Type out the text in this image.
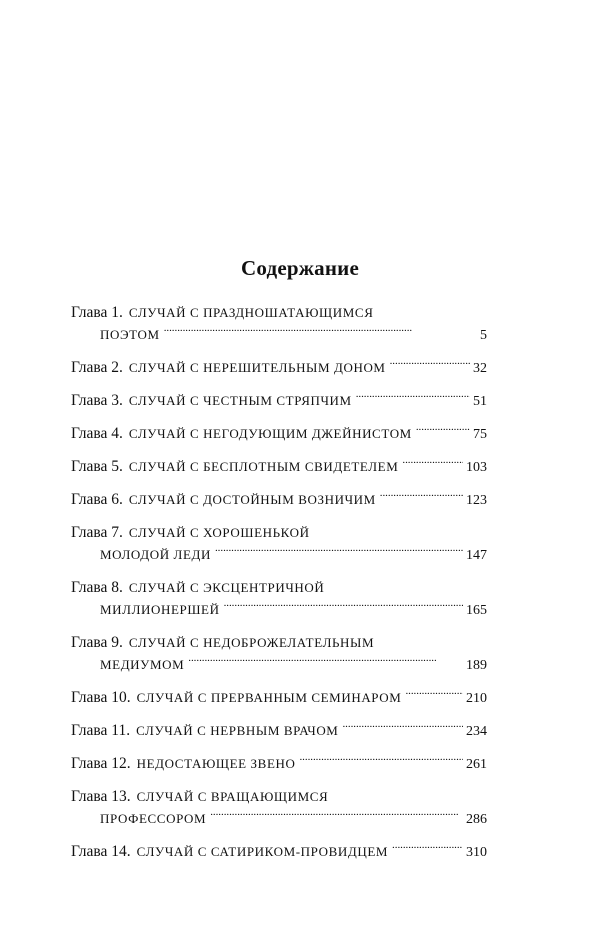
Содержание
Глава 1. СЛУЧАЙ С ПРАЗДНОШАТАЮЩИМСЯ
ПОЭТОМ . . .	5
Глава 2. СЛУЧАЙ С НЕРЕШИТЕЛЬНЫМ ДОНОМ . . .	32
Глава 3. СЛУЧАЙ С ЧЕСТНЫМ СТРЯПЧИМ . . .	51
Глава 4. СЛУЧАЙ С НЕГОДУЮЩИМ ДЖЕЙНИСТОМ . . .	75
Глава 5. СЛУЧАЙ С БЕСПЛОТНЫМ СВИДЕТЕЛЕМ . . .	103
Глава 6. СЛУЧАЙ С ДОСТОЙНЫМ ВОЗНИЧИМ . . .	123
Глава 7. СЛУЧАЙ С ХОРОШЕНЬКОЙ
МОЛОДОЙ ЛЕДИ . . .	147
Глава 8. СЛУЧАЙ С ЭКСЦЕНТРИЧНОЙ
МИЛЛИОНЕРШЕЙ . . .	165
Глава 9. СЛУЧАЙ С НЕДОБРОЖЕЛАТЕЛЬНЫМ
МЕДИУМОМ . . .	189
Глава 10. СЛУЧАЙ С ПРЕРВАННЫМ СЕМИНАРОМ . . .	210
Глава 11. СЛУЧАЙ С НЕРВНЫМ ВРАЧОМ . . .	234
Глава 12. НЕДОСТАЮЩЕЕ ЗВЕНО . . .	261
Глава 13. СЛУЧАЙ С ВРАЩАЮЩИМСЯ
ПРОФЕССОРОМ . . .	286
Глава 14. СЛУЧАЙ С САТИРИКОМ-ПРОВИДЦЕМ . . .	310
